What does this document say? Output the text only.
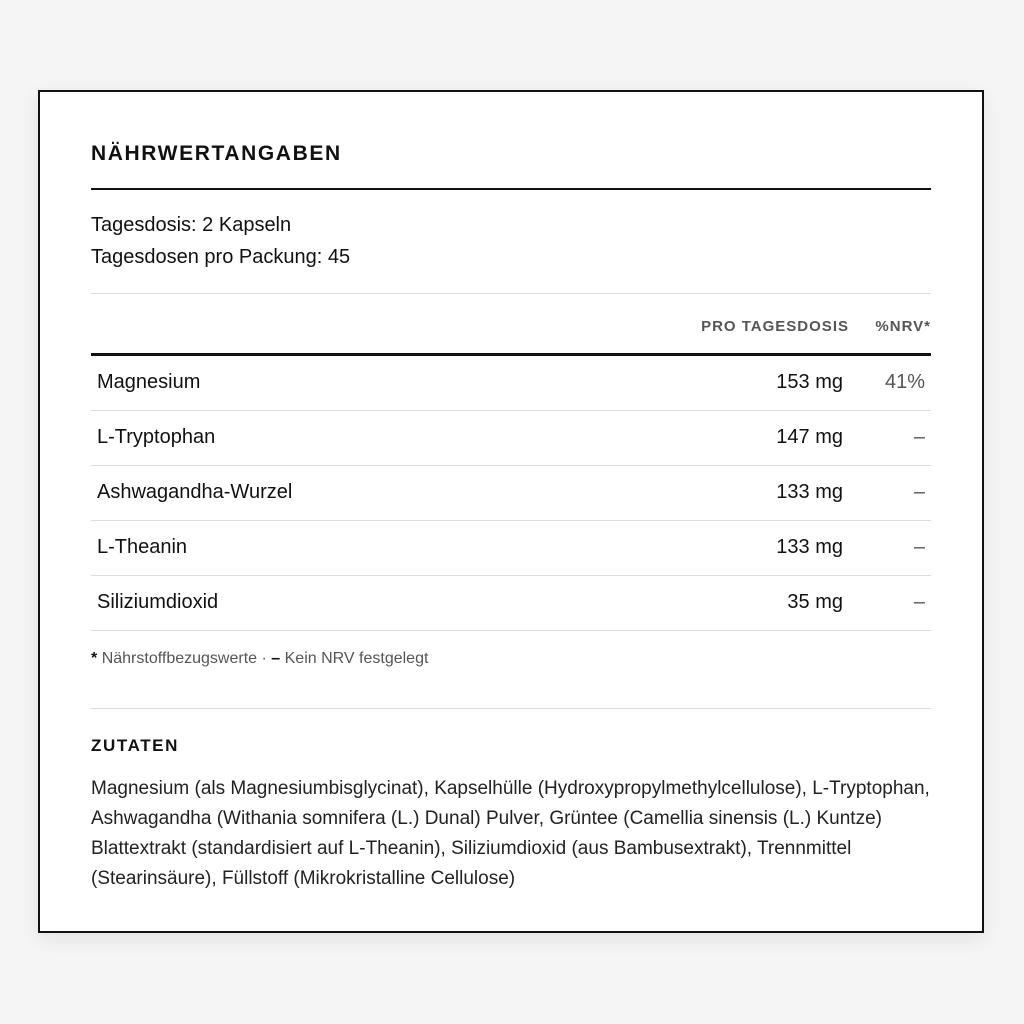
NÄHRWERTANGABEN
Tagesdosis: 2 Kapseln
Tagesdosen pro Packung: 45
PRO TAGESDOSIS %NRV*
Magnesium	153 mg 41%
L-Tryptophan	147 mg	–
Ashwagandha-Wurzel	133 mg	–
L-Theanin	133 mg	–
Siliziumdioxid	35 mg	–
* Nährstoffbezugswerte · – Kein NRV festgelegt
ZUTATEN
Magnesium (als Magnesiumbisglycinat), Kapselhülle (Hydroxypropylmethylcellulose), L-Tryptophan, Ashwagandha (Withania somnifera (L.) Dunal) Pulver, Grüntee (Camellia sinensis (L.) Kuntze) Blattextrakt (standardisiert auf L-Theanin), Siliziumdioxid (aus Bambusextrakt), Trennmittel (Stearinsäure), Füllstoff (Mikrokristalline Cellulose)
